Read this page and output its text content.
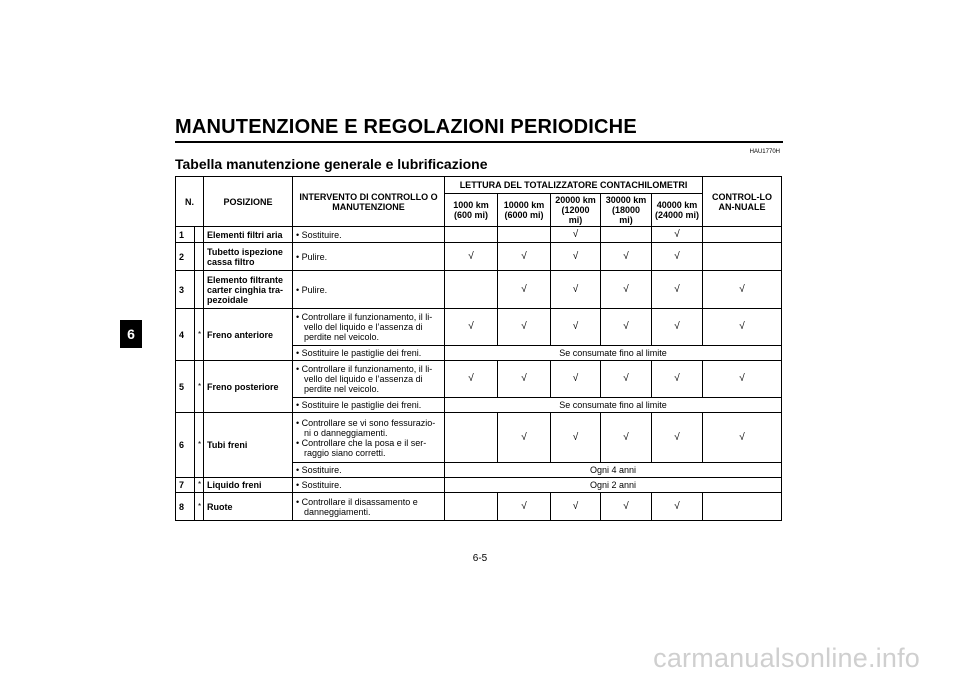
MANUTENZIONE E REGOLAZIONI PERIODICHE
HAU1770H
Tabella manutenzione generale e lubrificazione
6
N.		POSIZIONE	INTERVENTO DI CONTROLLO O MANUTENZIONE	LETTURA DEL TOTALIZZATORE CONTACHILOMETRI					CONTROL-LO AN-NUALE
				1000 km (600 mi)	10000 km (6000 mi)	20000 km (12000 mi)	30000 km (18000 mi)	40000 km (24000 mi)	
1		Elementi filtri aria	• Sostituire.			√		√	
2		Tubetto ispezione cassa filtro	• Pulire.	√	√	√	√	√	
3		Elemento filtrante carter cinghia tra-pezoidale	• Pulire.		√	√	√	√	√
4	*	Freno anteriore	• Controllare il funzionamento, il li-vello del liquido e l’assenza di perdite nel veicolo.	√	√	√	√	√	√
			• Sostituire le pastiglie dei freni.	Se consumate fino al limite					
5	*	Freno posteriore	• Controllare il funzionamento, il li-vello del liquido e l’assenza di perdite nel veicolo.	√	√	√	√	√	√
			• Sostituire le pastiglie dei freni.	Se consumate fino al limite					
6	*	Tubi freni	• Controllare se vi sono fessurazio-ni o danneggiamenti.
• Controllare che la posa e il ser-raggio siano corretti.		√	√	√	√	√
			• Sostituire.	Ogni 4 anni					
7	*	Liquido freni	• Sostituire.	Ogni 2 anni					
8	*	Ruote	• Controllare il disassamento e danneggiamenti.		√	√	√	√	
6-5
carmanualsonline.info
